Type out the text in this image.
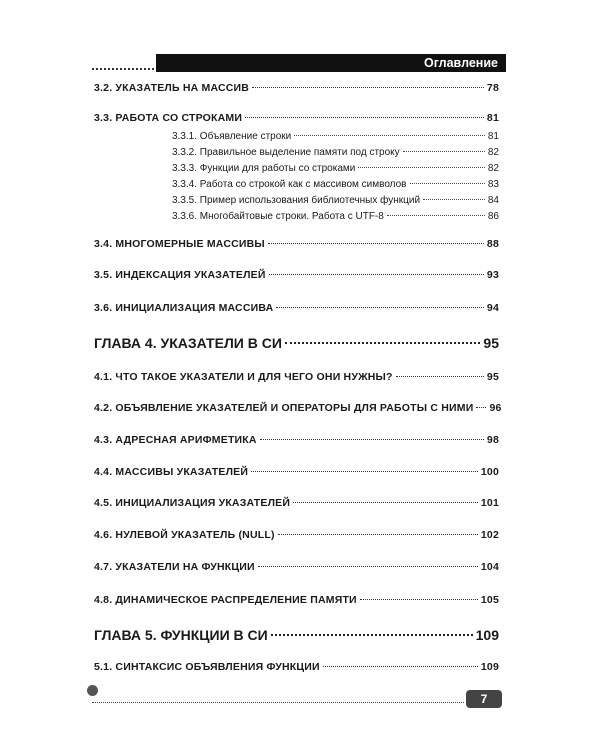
Оглавление
3.2. УКАЗАТЕЛЬ НА МАССИВ	78
3.3. РАБОТА СО СТРОКАМИ	81
3.3.1. Объявление строки	81
3.3.2. Правильное выделение памяти под строку	82
3.3.3. Функции для работы со строками	82
3.3.4. Работа со строкой как с массивом символов	83
3.3.5. Пример использования библиотечных функций	84
3.3.6. Многобайтовые строки. Работа с UTF-8	86
3.4. МНОГОМЕРНЫЕ МАССИВЫ	88
3.5. ИНДЕКСАЦИЯ УКАЗАТЕЛЕЙ	93
3.6. ИНИЦИАЛИЗАЦИЯ МАССИВА	94
ГЛАВА 4. УКАЗАТЕЛИ В СИ	95
4.1. ЧТО ТАКОЕ УКАЗАТЕЛИ И ДЛЯ ЧЕГО ОНИ НУЖНЫ?	95
4.2. ОБЪЯВЛЕНИЕ УКАЗАТЕЛЕЙ И ОПЕРАТОРЫ ДЛЯ РАБОТЫ С НИМИ 96
4.3. АДРЕСНАЯ АРИФМЕТИКА	98
4.4. МАССИВЫ УКАЗАТЕЛЕЙ	100
4.5. ИНИЦИАЛИЗАЦИЯ УКАЗАТЕЛЕЙ	101
4.6. НУЛЕВОЙ УКАЗАТЕЛЬ (NULL)	102
4.7. УКАЗАТЕЛИ НА ФУНКЦИИ	104
4.8. ДИНАМИЧЕСКОЕ РАСПРЕДЕЛЕНИЕ ПАМЯТИ	105
ГЛАВА 5. ФУНКЦИИ В СИ	109
5.1. СИНТАКСИС ОБЪЯВЛЕНИЯ ФУНКЦИИ	109
7
